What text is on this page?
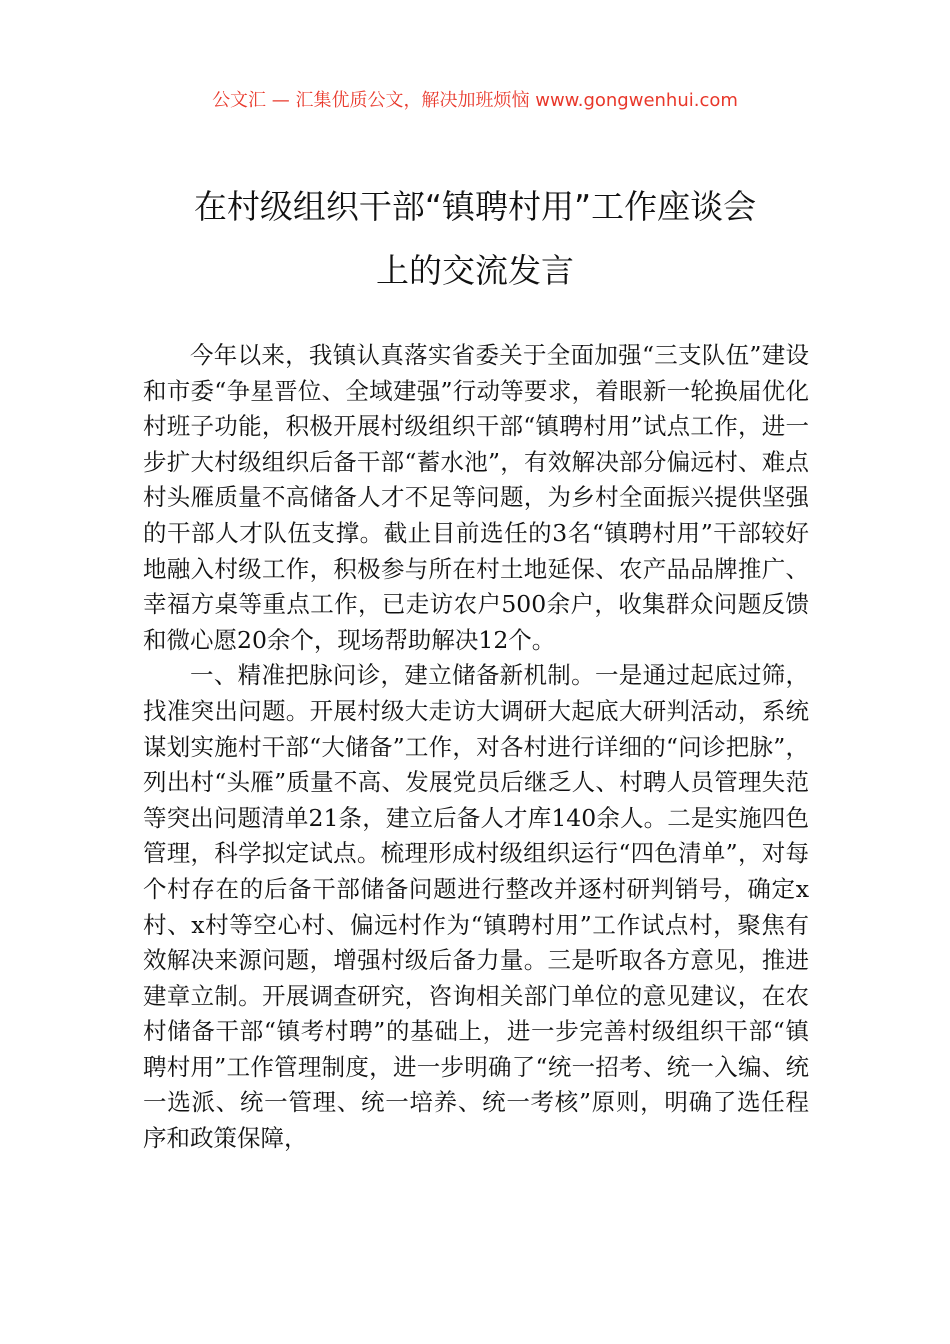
公文汇 — 汇集优质公文，解决加班烦恼 www.gongwenhui.com
在村级组织干部“镇聘村用”工作座谈会
上的交流发言

今年以来，我镇认真落实省委关于全面加强“三支队伍”建设和市委“争星晋位、全域建强”行动等要求，着眼新一轮换届优化村班子功能，积极开展村级组织干部“镇聘村用”试点工作，进一步扩大村级组织后备干部“蓄水池”，有效解决部分偏远村、难点村头雁质量不高储备人才不足等问题，为乡村全面振兴提供坚强的干部人才队伍支撑。截止目前选任的3名“镇聘村用”干部较好地融入村级工作，积极参与所在村土地延保、农产品品牌推广、幸福方桌等重点工作，已走访农户500余户，收集群众问题反馈和微心愿20余个，现场帮助解决12个。

一、精准把脉问诊，建立储备新机制。一是通过起底过筛，找准突出问题。开展村级大走访大调研大起底大研判活动，系统谋划实施村干部“大储备”工作，对各村进行详细的“问诊把脉”，列出村“头雁”质量不高、发展党员后继乏人、村聘人员管理失范等突出问题清单21条，建立后备人才库140余人。二是实施四色管理，科学拟定试点。梳理形成村级组织运行“四色清单”，对每个村存在的后备干部储备问题进行整改并逐村研判销号，确定x村、x村等空心村、偏远村作为“镇聘村用”工作试点村，聚焦有效解决来源问题，增强村级后备力量。三是听取各方意见，推进建章立制。开展调查研究，咨询相关部门单位的意见建议，在农村储备干部“镇考村聘”的基础上，进一步完善村级组织干部“镇聘村用”工作管理制度，进一步明确了“统一招考、统一入编、统一选派、统一管理、统一培养、统一考核”原则，明确了选任程序和政策保障，
